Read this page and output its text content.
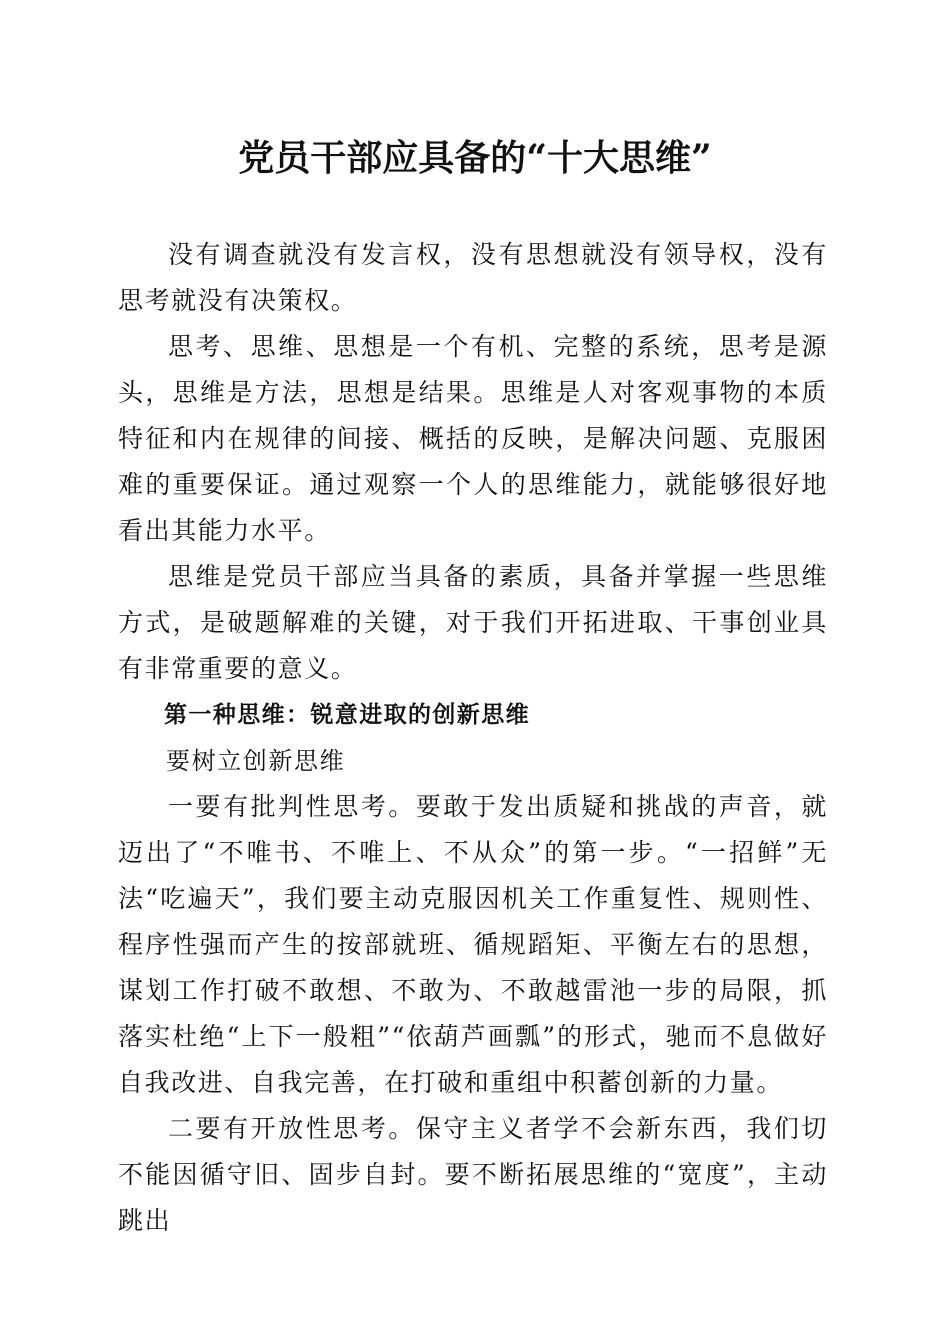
党员干部应具备的“十大思维”

没有调查就没有发言权，没有思想就没有领导权，没有思考就没有决策权。

思考、思维、思想是一个有机、完整的系统，思考是源头，思维是方法，思想是结果。思维是人对客观事物的本质特征和内在规律的间接、概括的反映，是解决问题、克服困难的重要保证。通过观察一个人的思维能力，就能够很好地看出其能力水平。

思维是党员干部应当具备的素质，具备并掌握一些思维方式，是破题解难的关键，对于我们开拓进取、干事创业具有非常重要的意义。

第一种思维：锐意进取的创新思维

要树立创新思维

一要有批判性思考。要敢于发出质疑和挑战的声音，就迈出了“不唯书、不唯上、不从众”的第一步。“一招鲜”无法“吃遍天”，我们要主动克服因机关工作重复性、规则性、程序性强而产生的按部就班、循规蹈矩、平衡左右的思想，谋划工作打破不敢想、不敢为、不敢越雷池一步的局限，抓落实杜绝“上下一般粗”“依葫芦画瓢”的形式，驰而不息做好自我改进、自我完善，在打破和重组中积蓄创新的力量。

二要有开放性思考。保守主义者学不会新东西，我们切不能因循守旧、固步自封。要不断拓展思维的“宽度”，主动跳出
